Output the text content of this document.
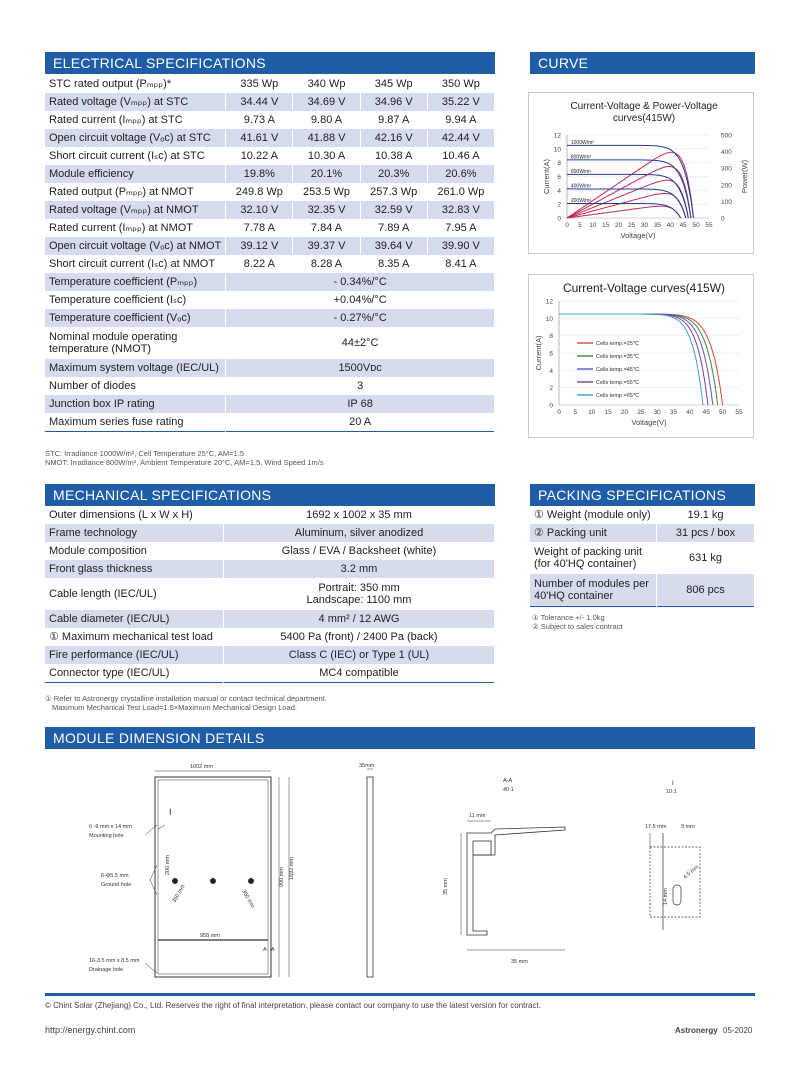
ELECTRICAL SPECIFICATIONS
STC rated output (Pₘₚₚ)*	335 Wp	340 Wp	345 Wp	350 Wp
Rated voltage (Vₘₚₚ) at STC	34.44 V	34.69 V	34.96 V	35.22 V
Rated current (Iₘₚₚ) at STC	9.73 A	9.80 A	9.87 A	9.94 A
Open circuit voltage (Vₒc) at STC	41.61 V	41.88 V	42.16 V	42.44 V
Short circuit current (Iₛc) at STC	10.22 A	10.30 A	10.38 A	10.46 A
Module efficiency	19.8%	20.1%	20.3%	20.6%
Rated output (Pₘₚₚ) at NMOT	249.8 Wp	253.5 Wp	257.3 Wp	261.0 Wp
Rated voltage (Vₘₚₚ) at NMOT	32.10 V	32.35 V	32.59 V	32.83 V
Rated current (Iₘₚₚ) at NMOT	7.78 A	7.84 A	7.89 A	7.95 A
Open circuit voltage (Vₒc) at NMOT	39.12 V	39.37 V	39.64 V	39.90 V
Short circuit current (Iₛc) at NMOT	8.22 A	8.28 A	8.35 A	8.41 A
Temperature coefficient (Pₘₚₚ)	- 0.34%/°C			
Temperature coefficient (Iₛc)	+0.04%/°C			
Temperature coefficient (Vₒc)	- 0.27%/°C			
Nominal module operating temperature (NMOT)	44±2°C			
Maximum system voltage (IEC/UL)	1500Vᴅᴄ			
Number of diodes	3			
Junction box IP rating	IP 68			
Maximum series fuse rating	20 A			
STC: Irradiance 1000W/m², Cell Temperature 25°C, AM=1.5
NMOT: Irradiance 800W/m², Ambient Temperature 20°C, AM=1.5, Wind Speed 1m/s
CURVE
Current-Voltage & Power-Voltage curves(415W)
0
2
4
6
8
10
12
0 5 10 15 20 25 30 35 40 45 50 55
Voltage(V)
Current(A)
0
100
200
300
400
500
Power(W)
1000W/m²
800W/m²
600W/m²
400W/m²
200W/m²
Current-Voltage curves(415W)
0
2
4
6
8
10
12
0 5 10 15 20 25 30 35 40 45 50 55
Voltage(V)
Current(A)	Cells temp.=25℃
Cells temp.=35℃
Cells temp.=45℃
Cells temp.=55℃
Cells temp.=65℃
MECHANICAL SPECIFICATIONS
Outer dimensions (L x W x H)	1692 x 1002 x 35 mm
Frame technology	Aluminum, silver anodized
Module composition	Glass / EVA / Backsheet (white)
Front glass thickness	3.2 mm
Cable length (IEC/UL)	Portrait: 350 mm
Landscape: 1100 mm
Cable diameter (IEC/UL)	4 mm² / 12 AWG
① Maximum mechanical test load	5400 Pa (front) / 2400 Pa (back)
Fire performance (IEC/UL)	Class C (IEC) or Type 1 (UL)
Connector type (IEC/UL)	MC4 compatible
① Refer to Astronergy crystalline installation manual or contact technical department.
Maximum Mechanical Test Load=1.5×Maximum Mechanical Design Load.
PACKING SPECIFICATIONS
① Weight (module only)	19.1 kg
② Packing unit	31 pcs / box
Weight of packing unit (for 40'HQ container)	631 kg
Number of modules per 40'HQ container	806 pcs
① Tolerance +/- 1.0kg
② Subject to sales contract
MODULE DIMENSION DETAILS
1002 mm
1692 mm
990 mm
958 mm
200 mm
350 mm	350 mm
I
A A
6 -9 mm x 14 mm
Mounting hole
6-Φ5.5 mm
Ground hole
16-3.5 mm x 8.5 mm
Drainage hole
35mm
A-A
40:1
11 mm
35 mm
35 mm
I
10:1
17.5 mm	9 mm
14 mm
4.5 mm
© Chint Solar (Zhejiang) Co., Ltd. Reserves the right of final interpretation. please contact our company to use the latest version for contract.
http://energy.chint.com	Astronergy 05-2020
